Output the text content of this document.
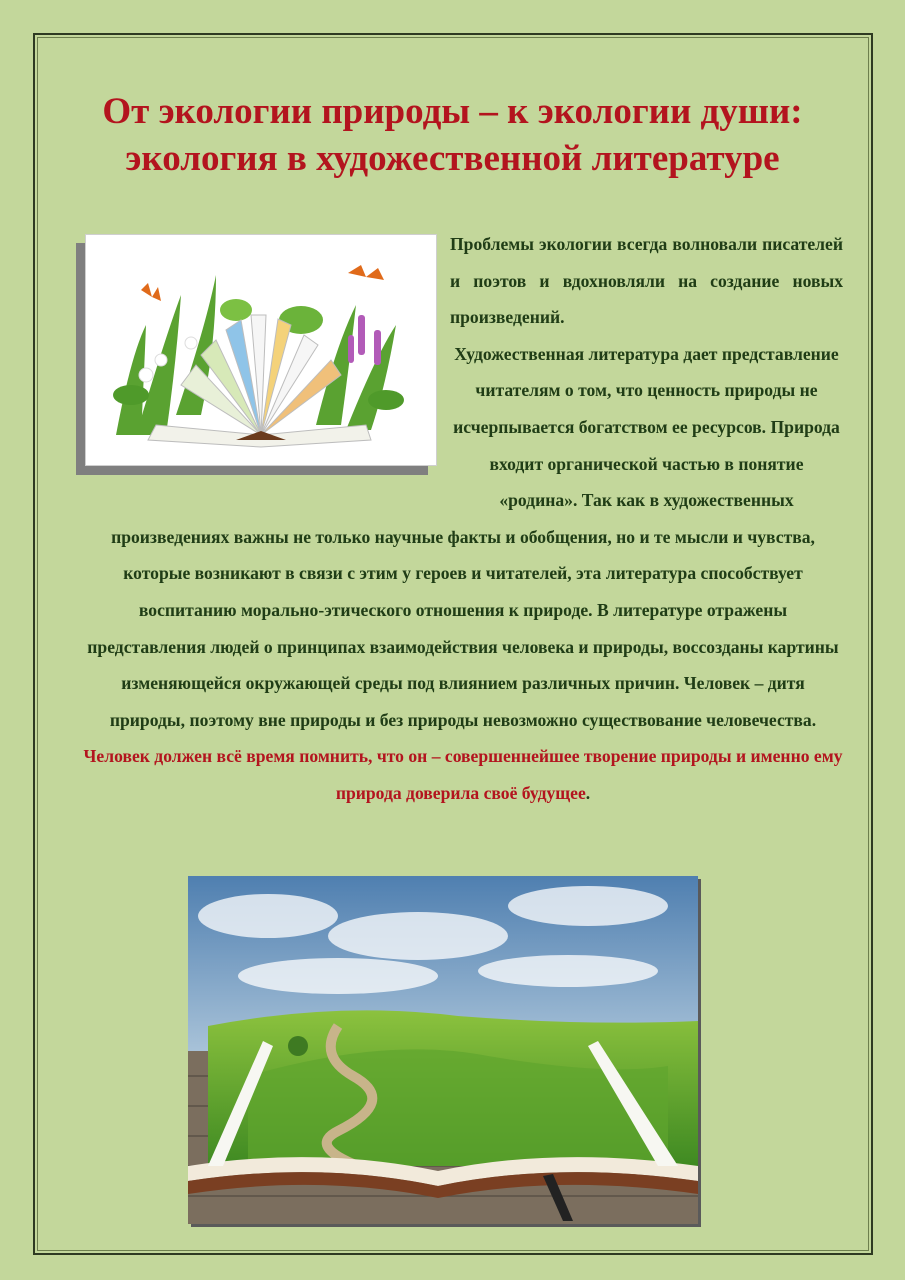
От экологии природы – к экологии души:
экология в художественной литературе

Проблемы экологии всегда волновали писателей и поэтов и вдохновляли на создание новых произведений.

Художественная литература дает представление читателям о том, что ценность природы не исчерпывается богатством ее ресурсов. Природа входит органической частью в понятие «родина». Так как в художественных произведениях важны не только научные факты и обобщения, но и те мысли и чувства, которые возникают в связи с этим у героев и читателей, эта литература способствует воспитанию морально-этического отношения к природе. В литературе отражены представления людей о принципах взаимодействия человека и природы, воссозданы картины изменяющейся окружающей среды под влиянием различных причин. Человек – дитя природы, поэтому вне природы и без природы невозможно существование человечества. Человек должен всё время помнить, что он – совершеннейшее творение природы и именно ему природа доверила своё будущее.
